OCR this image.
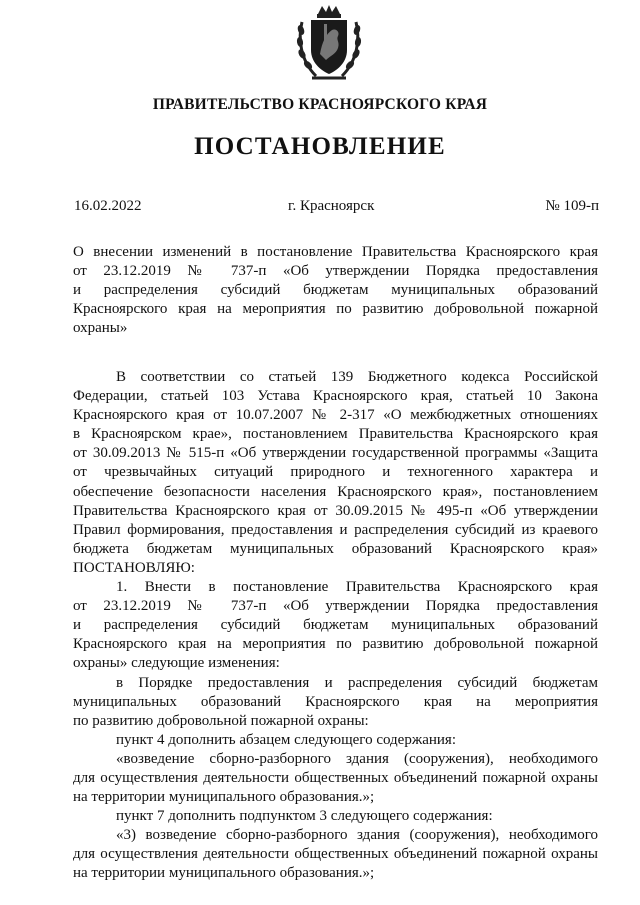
ПРАВИТЕЛЬСТВО КРАСНОЯРСКОГО КРАЯ
ПОСТАНОВЛЕНИЕ
16.02.2022	г. Красноярск	№ 109-п
О внесении изменений в постановление Правительства Красноярского края
от 23.12.2019 № 737-п «Об утверждении Порядка предоставления
и распределения субсидий бюджетам муниципальных образований
Красноярского края на мероприятия по развитию добровольной пожарной
охраны»
В соответствии со статьей 139 Бюджетного кодекса Российской
Федерации, статьей 103 Устава Красноярского края, статьей 10 Закона
Красноярского края от 10.07.2007 № 2-317 «О межбюджетных отношениях
в Красноярском крае», постановлением Правительства Красноярского края
от 30.09.2013 № 515-п «Об утверждении государственной программы «Защита
от чрезвычайных ситуаций природного и техногенного характера и
обеспечение безопасности населения Красноярского края», постановлением
Правительства Красноярского края от 30.09.2015 № 495-п «Об утверждении
Правил формирования, предоставления и распределения субсидий из краевого
бюджета бюджетам муниципальных образований Красноярского края»
ПОСТАНОВЛЯЮ:
1. Внести в постановление Правительства Красноярского края
от 23.12.2019 № 737-п «Об утверждении Порядка предоставления
и распределения субсидий бюджетам муниципальных образований
Красноярского края на мероприятия по развитию добровольной пожарной
охраны» следующие изменения:
в Порядке предоставления и распределения субсидий бюджетам
муниципальных образований Красноярского края на мероприятия
по развитию добровольной пожарной охраны:
пункт 4 дополнить абзацем следующего содержания:
«возведение сборно-разборного здания (сооружения), необходимого
для осуществления деятельности общественных объединений пожарной охраны
на территории муниципального образования.»;
пункт 7 дополнить подпунктом 3 следующего содержания:
«3) возведение сборно-разборного здания (сооружения), необходимого
для осуществления деятельности общественных объединений пожарной охраны
на территории муниципального образования.»;
